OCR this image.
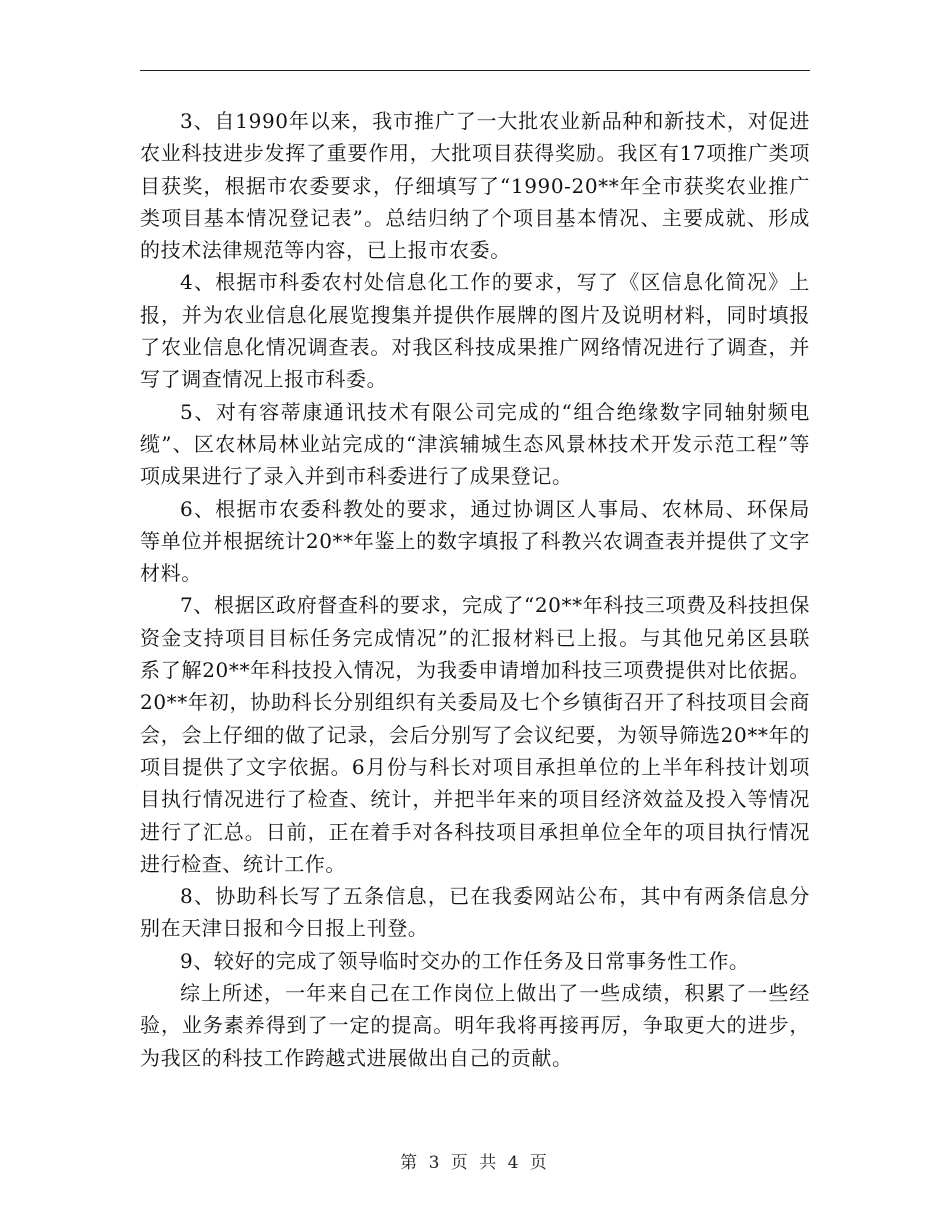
3、自1990年以来，我市推广了一大批农业新品种和新技术，对促进农业科技进步发挥了重要作用，大批项目获得奖励。我区有17项推广类项目获奖，根据市农委要求，仔细填写了“1990-20**年全市获奖农业推广类项目基本情况登记表”。总结归纳了个项目基本情况、主要成就、形成的技术法律规范等内容，已上报市农委。

4、根据市科委农村处信息化工作的要求，写了《区信息化简况》上报，并为农业信息化展览搜集并提供作展牌的图片及说明材料，同时填报了农业信息化情况调查表。对我区科技成果推广网络情况进行了调查，并写了调查情况上报市科委。

5、对有容蒂康通讯技术有限公司完成的“组合绝缘数字同轴射频电缆”、区农林局林业站完成的“津滨辅城生态风景林技术开发示范工程”等项成果进行了录入并到市科委进行了成果登记。

6、根据市农委科教处的要求，通过协调区人事局、农林局、环保局等单位并根据统计20**年鉴上的数字填报了科教兴农调查表并提供了文字材料。

7、根据区政府督查科的要求，完成了“20**年科技三项费及科技担保资金支持项目目标任务完成情况”的汇报材料已上报。与其他兄弟区县联系了解20**年科技投入情况，为我委申请增加科技三项费提供对比依据。20**年初，协助科长分别组织有关委局及七个乡镇街召开了科技项目会商会，会上仔细的做了记录，会后分别写了会议纪要，为领导筛选20**年的项目提供了文字依据。6月份与科长对项目承担单位的上半年科技计划项目执行情况进行了检查、统计，并把半年来的项目经济效益及投入等情况进行了汇总。日前，正在着手对各科技项目承担单位全年的项目执行情况进行检查、统计工作。

8、协助科长写了五条信息，已在我委网站公布，其中有两条信息分别在天津日报和今日报上刊登。

9、较好的完成了领导临时交办的工作任务及日常事务性工作。

综上所述，一年来自己在工作岗位上做出了一些成绩，积累了一些经验，业务素养得到了一定的提高。明年我将再接再厉，争取更大的进步，为我区的科技工作跨越式进展做出自己的贡献。

第 3 页 共 4 页
